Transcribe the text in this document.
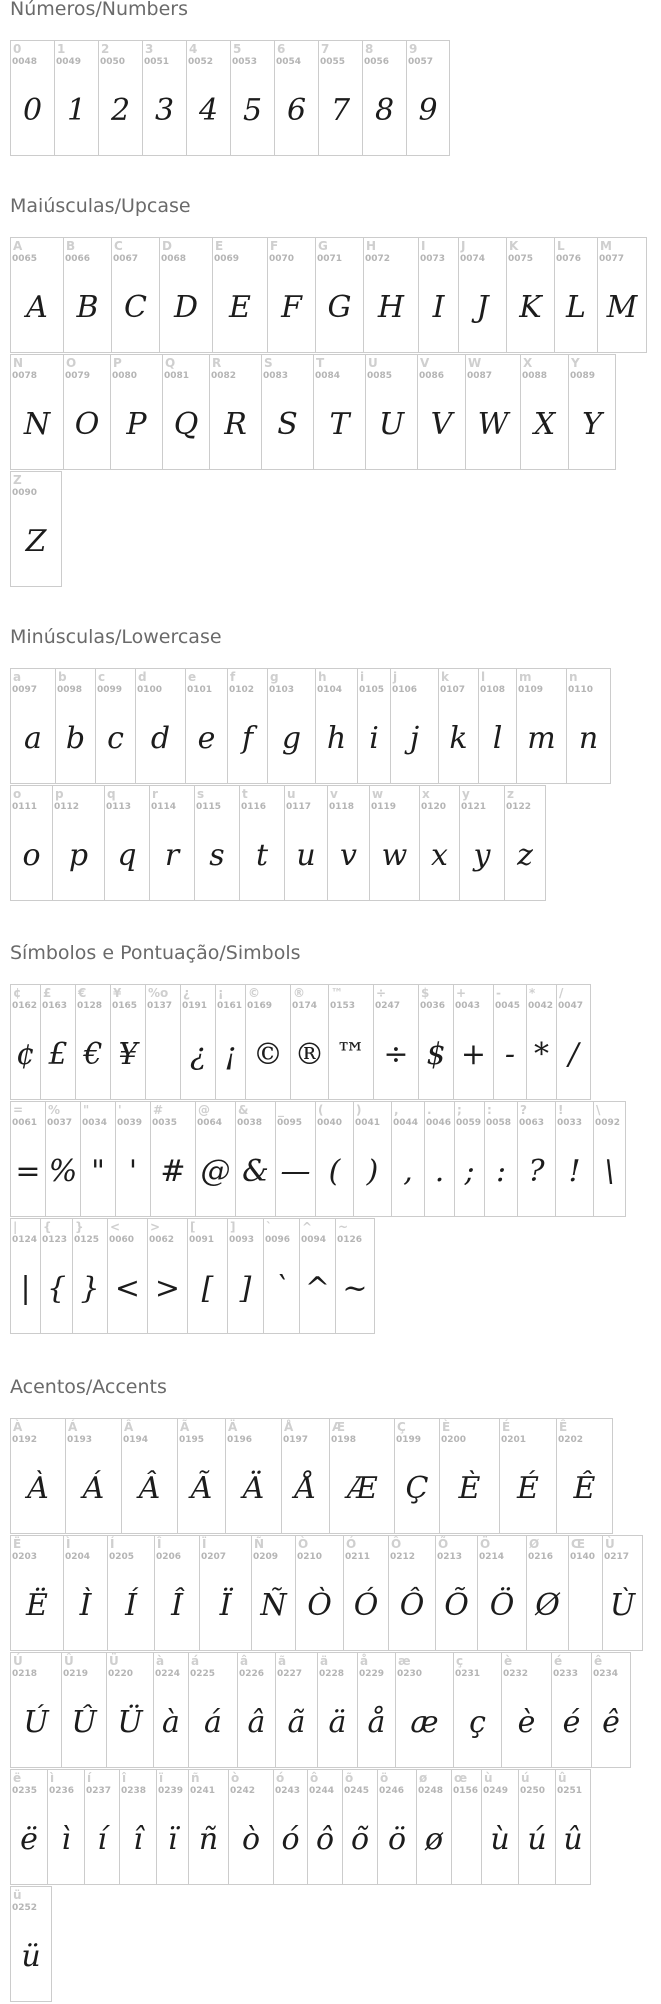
Números/Numbers
0
0048
0
1
0049
1
2
0050
2
3
0051
3
4
0052
4
5
0053
5
6
0054
6
7
0055
7
8
0056
8
9
0057
9
Maiúsculas/Upcase
A
0065
A
B
0066
B
C
0067
C
D
0068
D
E
0069
E
F
0070
F
G
0071
G
H
0072
H
I
0073
I
J
0074
J
K
0075
K
L
0076
L
M
0077
M
N
0078
N
O
0079
O
P
0080
P
Q
0081
Q
R
0082
R
S
0083
S
T
0084
T
U
0085
U
V
0086
V
W
0087
W
X
0088
X
Y
0089
Y
Z
0090
Z
Minúsculas/Lowercase
a
0097
a
b
0098
b
c
0099
c
d
0100
d
e
0101
e
f
0102
f
g
0103
g
h
0104
h
i
0105
i
j
0106
j
k
0107
k
l
0108
l
m
0109
m
n
0110
n
o
0111
o
p
0112
p
q
0113
q
r
0114
r
s
0115
s
t
0116
t
u
0117
u
v
0118
v
w
0119
w
x
0120
x
y
0121
y
z
0122
z
Símbolos e Pontuação/Simbols
¢
0162
¢
£
0163
£
€
0128
€
¥
0165
¥
%o
0137
¿
0191
¿
¡
0161
¡
©
0169
©
®
0174
®
™
0153
™
÷
0247
÷
$
0036
$
+
0043
+
-
0045
-
*
0042
*
/
0047
/
=
0061
=
%
0037
%
"
0034
"
'
0039
'
#
0035
#
@
0064
@
&
0038
&
_
0095
—
(
0040
(
)
0041
)
,
0044
,
.
0046
.
;
0059
;
:
0058
:
?
0063
?
!
0033
!
\
0092
\
|
0124
|
{
0123
{
}
0125
}
<
0060
<
>
0062
>
[
0091
[
]
0093
]
`
0096
`
^
0094
^
~
0126
~
Acentos/Accents
À
0192
À
Á
0193
Á
Â
0194
Â
Ã
0195
Ã
Ä
0196
Ä
Å
0197
Å
Æ
0198
Æ
Ç
0199
Ç
È
0200
È
É
0201
É
Ê
0202
Ê
Ë
0203
Ë
Ì
0204
Ì
Í
0205
Í
Î
0206
Î
Ï
0207
Ï
Ñ
0209
Ñ
Ò
0210
Ò
Ó
0211
Ó
Ô
0212
Ô
Õ
0213
Õ
Ö
0214
Ö
Ø
0216
Ø
Œ
0140
Ù
0217
Ù
Ú
0218
Ú
Û
0219
Û
Ü
0220
Ü
à
0224
à
á
0225
á
â
0226
â
ã
0227
ã
ä
0228
ä
å
0229
å
æ
0230
æ
ç
0231
ç
è
0232
è
é
0233
é
ê
0234
ê
ë
0235
ë
ì
0236
ì
í
0237
í
î
0238
î
ï
0239
ï
ñ
0241
ñ
ò
0242
ò
ó
0243
ó
ô
0244
ô
õ
0245
õ
ö
0246
ö
ø
0248
ø
œ
0156
ù
0249
ù
ú
0250
ú
û
0251
û
ü
0252
ü
